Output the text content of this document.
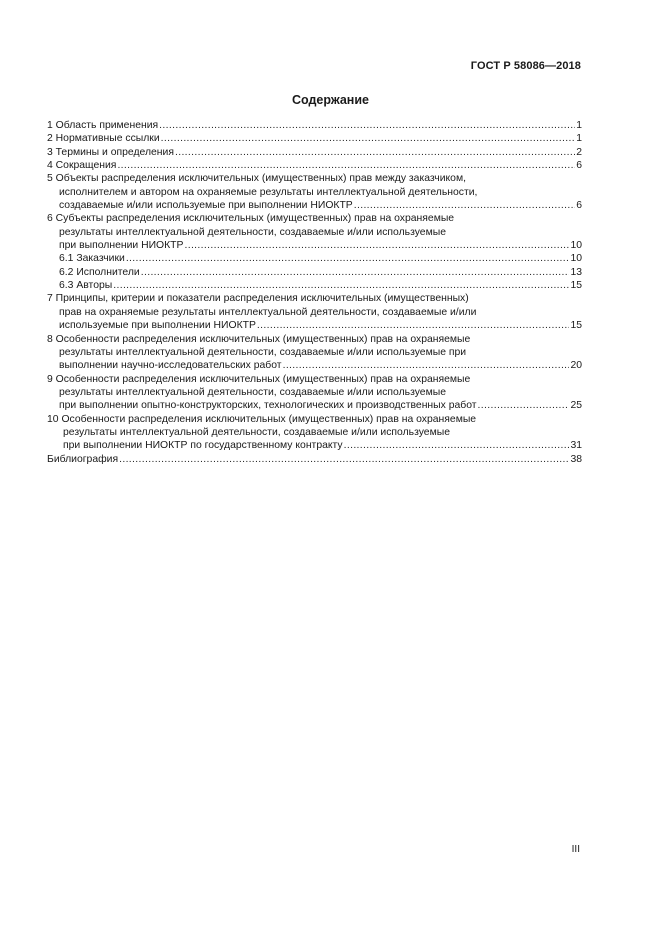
ГОСТ Р 58086—2018
Содержание
1 Область применения .....	1
2 Нормативные ссылки .....	1
3 Термины и определения .....	2
4 Сокращения .....	6
5 Объекты распределения исключительных (имущественных) прав между заказчиком,
исполнителем и автором на охраняемые результаты интеллектуальной деятельности,
создаваемые и/или используемые при выполнении НИОКТР .....	6
6 Субъекты распределения исключительных (имущественных) прав на охраняемые
результаты интеллектуальной деятельности, создаваемые и/или используемые
при выполнении НИОКТР .....	10
6.1 Заказчики .....	10
6.2 Исполнители .....	13
6.3 Авторы .....	15
7 Принципы, критерии и показатели распределения исключительных (имущественных)
прав на охраняемые результаты интеллектуальной деятельности, создаваемые и/или
используемые при выполнении НИОКТР .....	15
8 Особенности распределения исключительных (имущественных) прав на охраняемые
результаты интеллектуальной деятельности, создаваемые и/или используемые при
выполнении научно-исследовательских работ .....	20
9 Особенности распределения исключительных (имущественных) прав на охраняемые
результаты интеллектуальной деятельности, создаваемые и/или используемые
при выполнении опытно-конструкторских, технологических и производственных работ .....	25
10 Особенности распределения исключительных (имущественных) прав на охраняемые
результаты интеллектуальной деятельности, создаваемые и/или используемые
при выполнении НИОКТР по государственному контракту .....	31
Библиография .....	38
III
